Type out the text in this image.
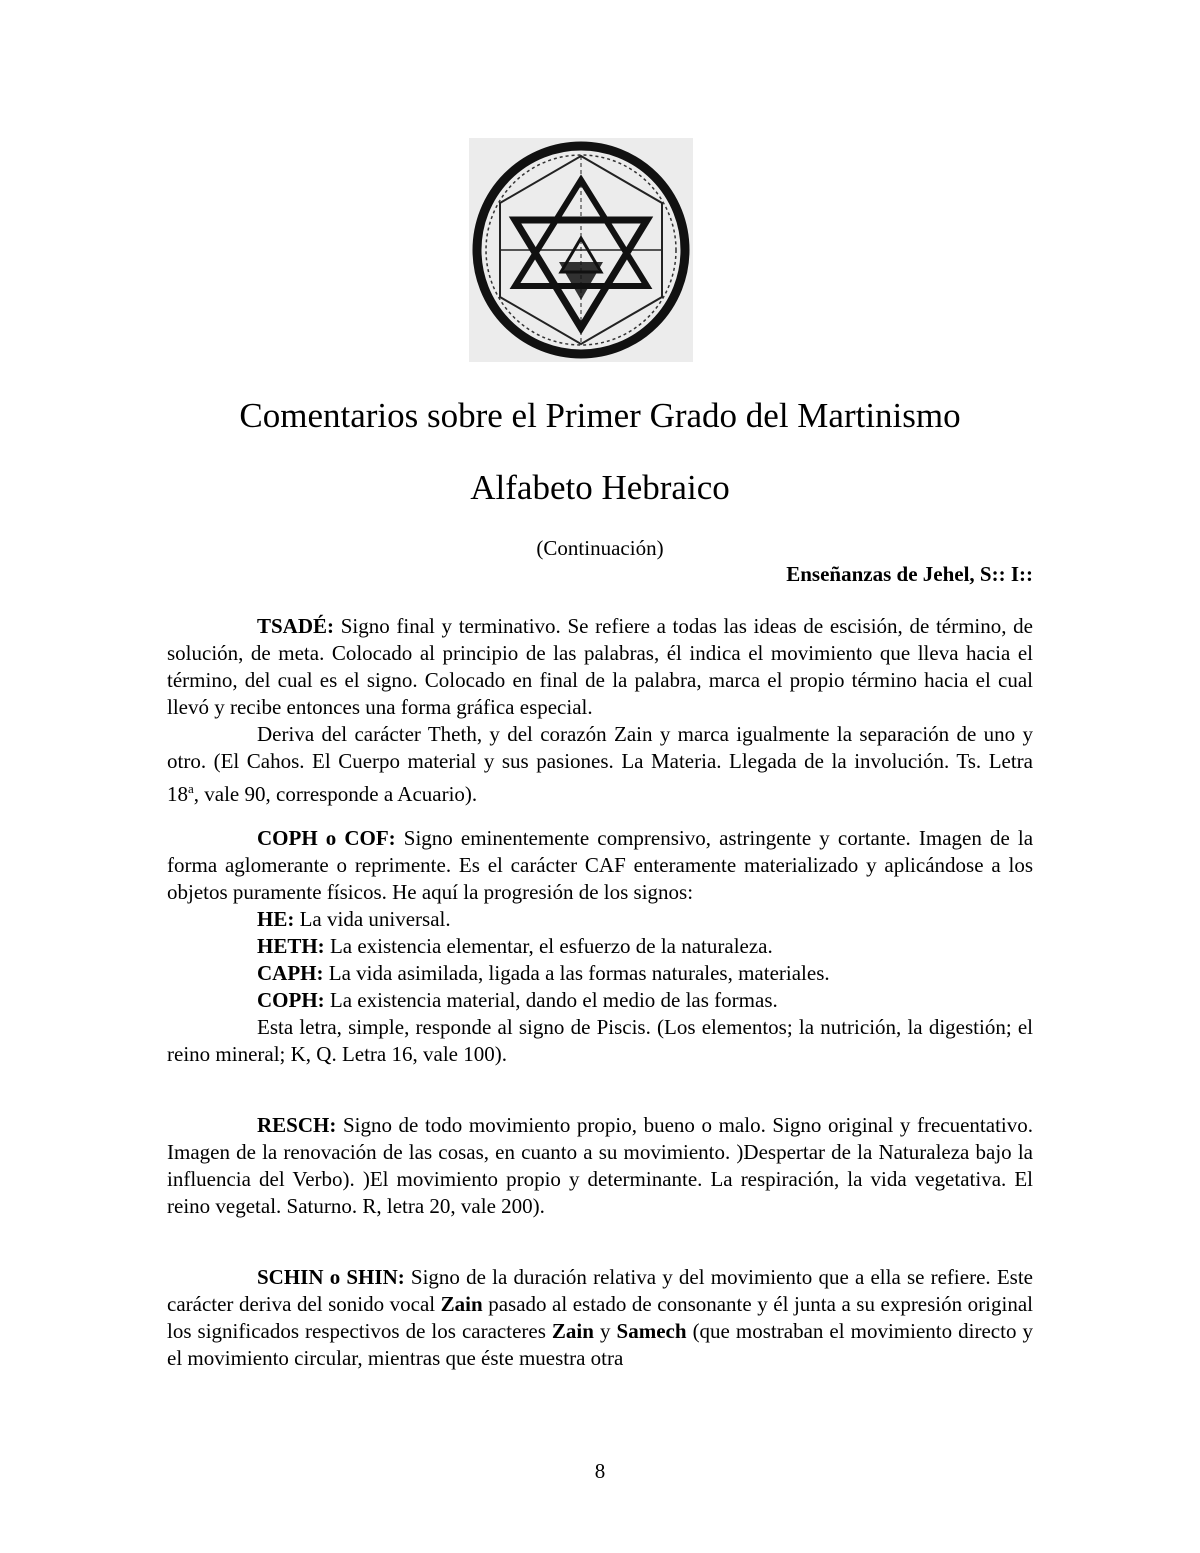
Comentarios sobre el Primer Grado del Martinismo
Alfabeto Hebraico
(Continuación)
Enseñanzas de Jehel, S:: I::

TSADÉ: Signo final y terminativo. Se refiere a todas las ideas de escisión, de término, de solución, de meta. Colocado al principio de las palabras, él indica el movimiento que lleva hacia el término, del cual es el signo. Colocado en final de la palabra, marca el propio término hacia el cual llevó y recibe entonces una forma gráfica especial.

Deriva del carácter Theth, y del corazón Zain y marca igualmente la separación de uno y otro. (El Cahos. El Cuerpo material y sus pasiones. La Materia. Llegada de la involución. Ts. Letra 18$^a$, vale 90, corresponde a Acuario).

COPH o COF: Signo eminentemente comprensivo, astringente y cortante. Imagen de la forma aglomerante o reprimente. Es el carácter CAF enteramente materializado y aplicándose a los objetos puramente físicos. He aquí la progresión de los signos:

HE: La vida universal.

HETH: La existencia elementar, el esfuerzo de la naturaleza.

CAPH: La vida asimilada, ligada a las formas naturales, materiales.

COPH: La existencia material, dando el medio de las formas.

Esta letra, simple, responde al signo de Piscis. (Los elementos; la nutrición, la digestión; el reino mineral; K, Q. Letra 16, vale 100).

RESCH: Signo de todo movimiento propio, bueno o malo. Signo original y frecuentativo. Imagen de la renovación de las cosas, en cuanto a su movimiento. )Despertar de la Naturaleza bajo la influencia del Verbo). )El movimiento propio y determinante. La respiración, la vida vegetativa. El reino vegetal. Saturno. R, letra 20, vale 200).

SCHIN o SHIN: Signo de la duración relativa y del movimiento que a ella se refiere. Este carácter deriva del sonido vocal Zain pasado al estado de consonante y él junta a su expresión original los significados respectivos de los caracteres Zain y Samech (que mostraban el movimiento directo y el movimiento circular, mientras que éste muestra otra

8
